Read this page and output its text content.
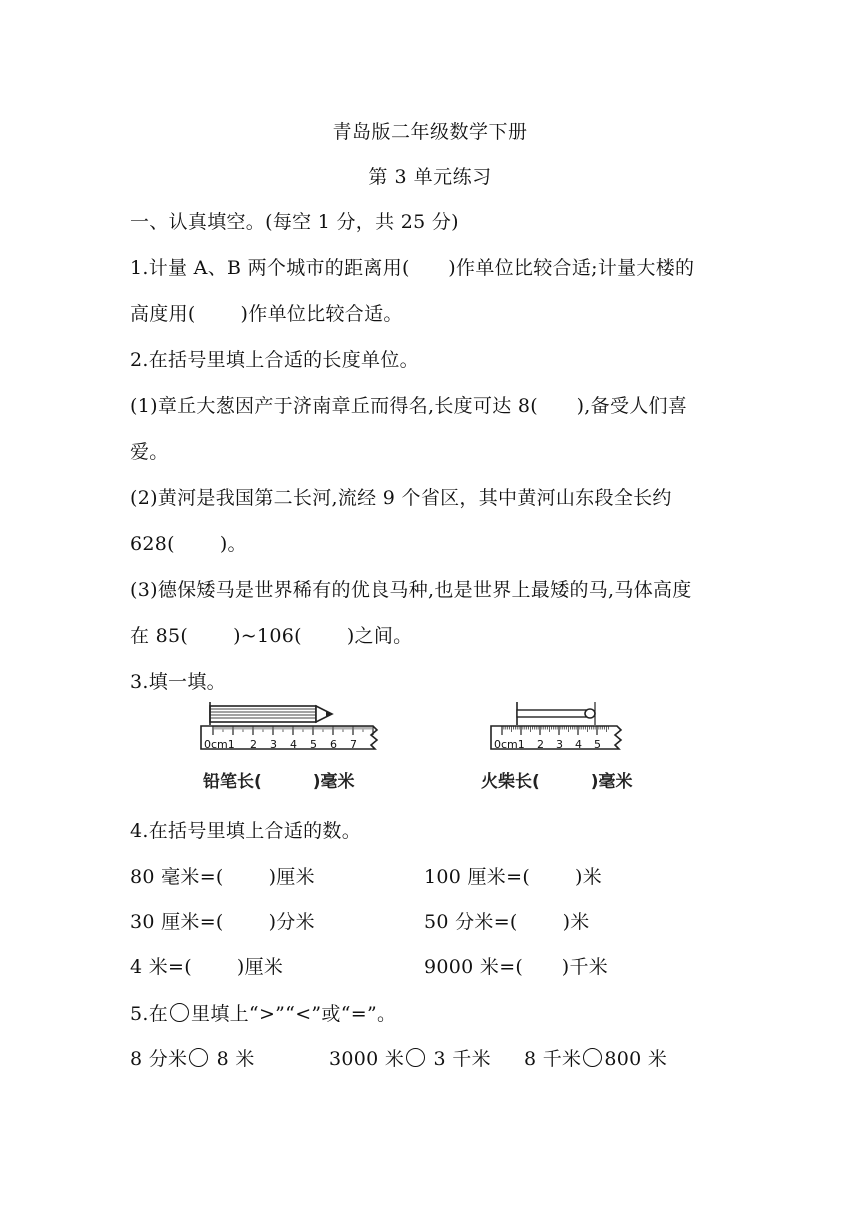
青岛版二年级数学下册
第 3 单元练习
一、认真填空。(每空 1 分，共 25 分)
1.计量 A、B 两个城市的距离用(　　)作单位比较合适;计量大楼的
高度用(　　 )作单位比较合适。
2.在括号里填上合适的长度单位。
(1)章丘大葱因产于济南章丘而得名,长度可达 8(　　),备受人们喜
爱。
(2)黄河是我国第二长河,流经 9 个省区，其中黄河山东段全长约
628(　　 )。
(3)德保矮马是世界稀有的优良马种,也是世界上最矮的马,马体高度
在 85(　　 )~106(　　 )之间。
3.填一填。
0cm1 2 3 4 5 6 7
铅笔长(　　　)毫米
0cm1 2 3 4 5
火柴长(　　　)毫米
4.在括号里填上合适的数。
80 毫米=(　　 )厘米	100 厘米=(　　 )米
30 厘米=(　　 )分米	50 分米=(　　 )米
4 米=(　　 )厘米	9000 米=(　　)千米
5.在 里填上“>”“<”或“=”。
8 分米 8 米	3000 米 3 千米 8 千米 800 米
